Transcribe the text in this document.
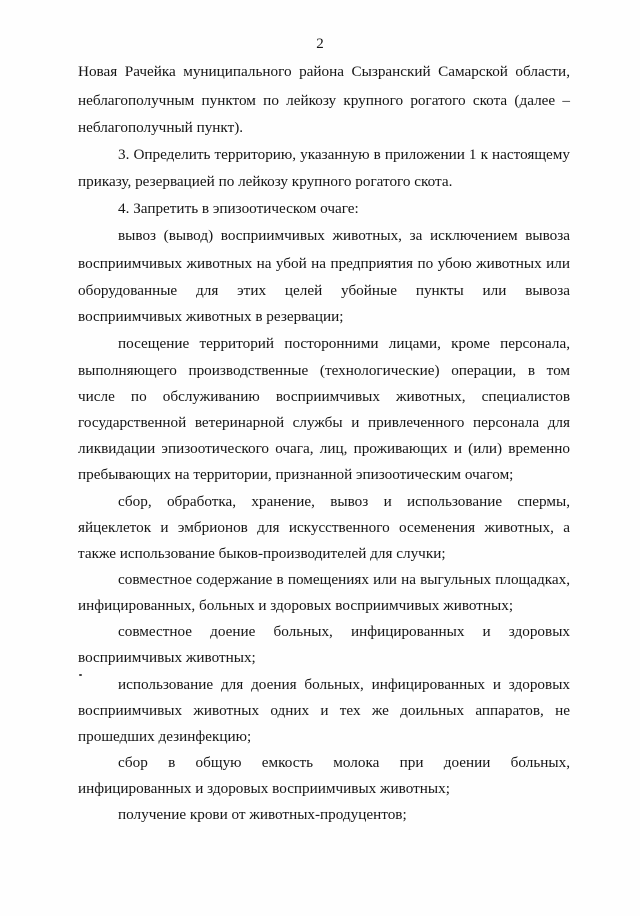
2
Новая Рачейка муниципального района Сызранский Самарской области,
неблагополучным пунктом по лейкозу крупного рогатого скота (далее –
неблагополучный пункт).
3. Определить территорию, указанную в приложении 1 к настоящему
приказу, резервацией по лейкозу крупного рогатого скота.
4. Запретить в эпизоотическом очаге:
вывоз (вывод) восприимчивых животных, за исключением вывоза
восприимчивых животных на убой на предприятия по убою животных или
оборудованные для этих целей убойные пункты или вывоза
восприимчивых животных в резервации;
посещение территорий посторонними лицами, кроме персонала,
выполняющего производственные (технологические) операции, в том
числе по обслуживанию восприимчивых животных, специалистов
государственной ветеринарной службы и привлеченного персонала для
ликвидации эпизоотического очага, лиц, проживающих и (или) временно
пребывающих на территории, признанной эпизоотическим очагом;
сбор, обработка, хранение, вывоз и использование спермы,
яйцеклеток и эмбрионов для искусственного осеменения животных, а
также использование быков-производителей для случки;
совместное содержание в помещениях или на выгульных площадках,
инфицированных, больных и здоровых восприимчивых животных;
совместное доение больных, инфицированных и здоровых
восприимчивых животных;
использование для доения больных, инфицированных и здоровых
восприимчивых животных одних и тех же доильных аппаратов, не
прошедших дезинфекцию;
сбор в общую емкость молока при доении больных,
инфицированных и здоровых восприимчивых животных;
получение крови от животных-продуцентов;
